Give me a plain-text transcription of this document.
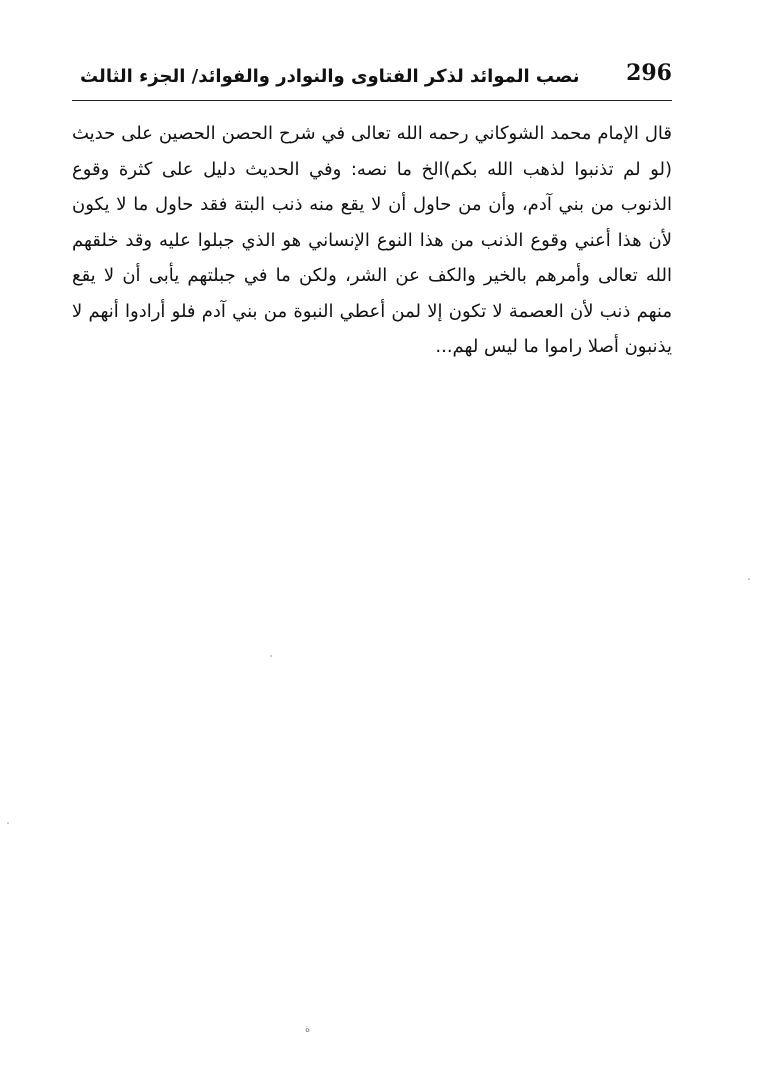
296
نصب الموائد لذكر الفتاوى والنوادر والفوائد/ الجزء الثالث

قال الإمام محمد الشوكاني رحمه الله تعالى في شرح الحصن الحصين على حديث (لو لم تذنبوا لذهب الله بكم)الخ ما نصه: وفي الحديث دليل على كثرة وقوع الذنوب من بني آدم، وأن من حاول أن لا يقع منه ذنب البتة فقد حاول ما لا يكون لأن هذا أعني وقوع الذنب من هذا النوع الإنساني هو الذي جبلوا عليه وقد خلقهم الله تعالى وأمرهم بالخير والكف عن الشر، ولكن ما في جبلتهم يأبى أن لا يقع منهم ذنب لأن العصمة لا تكون إلا لمن أعطي النبوة من بني آدم فلو أرادوا أنهم لا يذنبون أصلا راموا ما ليس لهم...

ة
